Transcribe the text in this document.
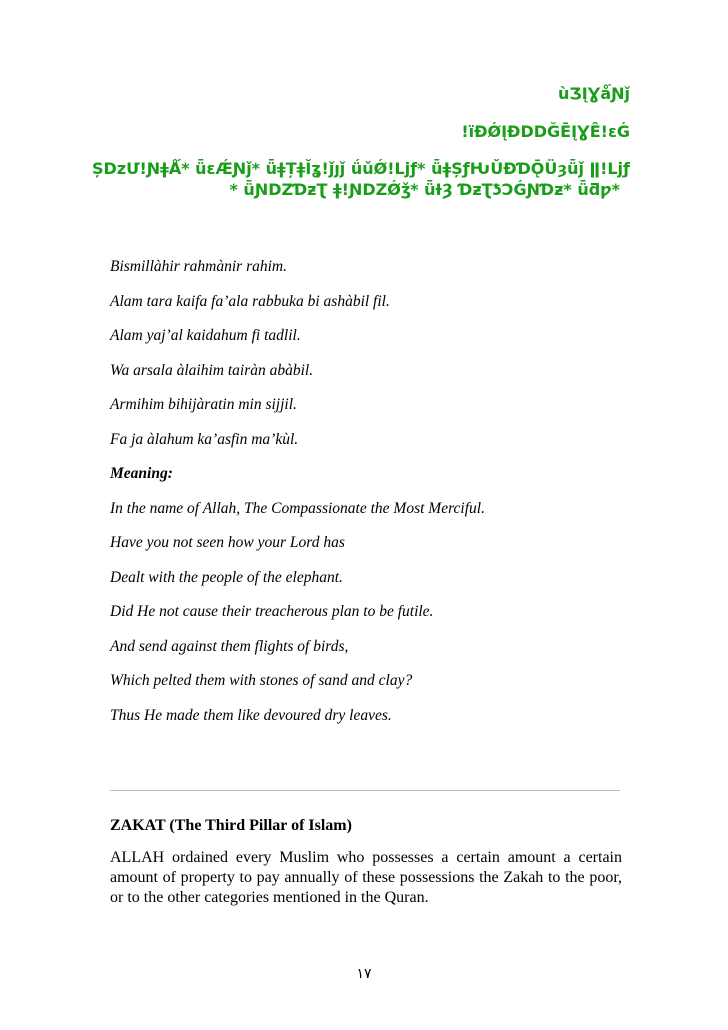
ùƷĮƔǻƝǰ
!ïĐǾĮĐDDĞĒĮƔÊ!ɛǴ
ȘǲƯ!ƝǂǺ* ǖɛǼƝǰ* ǖǂȚǂĬʓ!ǰȷǰ ǘǔǾ!ǈƒ* ǖǂȘƒǶǓƉƊǬǗȝǖǰ ǁ!ǈƒ
* ǖƝǱƊƶƮ ǂ!ƝǱǾǯ* ǖƗȜ ƊƶƮƾƆǴƝƊƶ* ǖƌƿ*
Bismillàhir rahmànir rahim.
Alam tara kaifa fa’ala rabbuka bi ashàbil fil.
Alam yaj’al kaidahum fi tadlil.
Wa arsala àlaihim tairàn abàbil.
Armihim bihijàratin min sijjil.
Fa ja àlahum ka’asfin ma’kùl.
Meaning:
In the name of Allah, The Compassionate the Most Merciful.
Have you not seen how your Lord has
Dealt with the people of the elephant.
Did He not cause their treacherous plan to be futile.
And send against them flights of birds,
Which pelted them with stones of sand and clay?
Thus He made them like devoured dry leaves.
ZAKAT (The Third Pillar of Islam)
ALLAH ordained every Muslim who possesses a certain amount a certain amount of property to pay annually of these possessions the Zakah to the poor, or to the other categories mentioned in the Quran.
١٧
